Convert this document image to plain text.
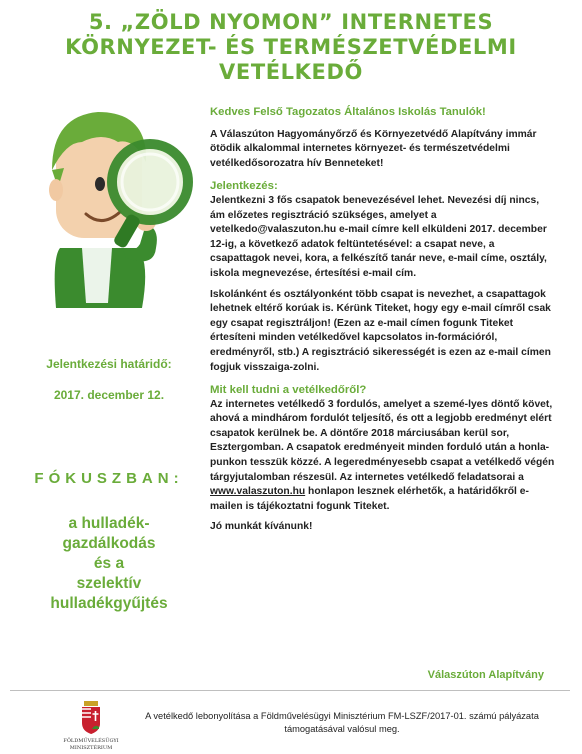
5. „ZÖLD NYOMON” INTERNETES
KÖRNYEZET- ÉS TERMÉSZETVÉDELMI
VETÉLKEDŐ
Jelentkezési határidő:
2017. december 12.
FÓKUSZBAN:
a hulladék-
gazdálkodás
és a
szelektív
hulladékgyűjtés

Kedves Felső Tagozatos Általános Iskolás Tanulók!

A Válaszúton Hagyományőrző és Környezetvédő Alapítvány immár ötödik alkalommal internetes környezet- és természetvédelmi vetélkedősorozatra hív Benneteket!

Jelentkezés:
Jelentkezni 3 fős csapatok benevezésével lehet. Nevezési díj nincs, ám előzetes regisztráció szükséges, amelyet a vetelkedo@valaszuton.hu e-mail címre kell elküldeni 2017. december 12-ig, a következő adatok feltüntetésével: a csapat neve, a csapattagok nevei, kora, a felkészítő tanár neve, e-mail címe, osztály, iskola megnevezése, értesítési e-mail cím.

Iskolánként és osztályonként több csapat is nevezhet, a csapattagok lehetnek eltérő korúak is. Kérünk Titeket, hogy egy e-mail címről csak egy csapat regisztráljon! (Ezen az e-mail címen fogunk Titeket értesíteni minden vetélkedővel kapcsolatos in-formációról, eredményről, stb.) A regisztráció sikerességét is ezen az e-mail címen fogjuk visszaiga-zolni.

Mit kell tudni a vetélkedőről?
Az internetes vetélkedő 3 fordulós, amelyet a szemé-lyes döntő követ, ahová a mindhárom fordulót teljesítő, és ott a legjobb eredményt elért csapatok kerülnek be. A döntőre 2018 márciusában kerül sor, Esztergomban. A csapatok eredményeit minden forduló után a honla-punkon tesszük közzé. A legeredményesebb csapat a vetélkedő végén tárgyjutalomban részesül. Az internetes vetélkedő feladatsorai a www.valaszuton.hu honlapon lesznek elérhetők, a határidőkről e-mailen is tájékoztatni fogunk Titeket.

Jó munkát kívánunk!

Válaszúton Alapítvány
FÖLDMŰVELÉSÜGYI
MINISZTÉRIUM
A vetélkedő lebonyolítása a Földművelésügyi Minisztérium FM-LSZF/2017-01. számú pályázata támogatásával valósul meg.
